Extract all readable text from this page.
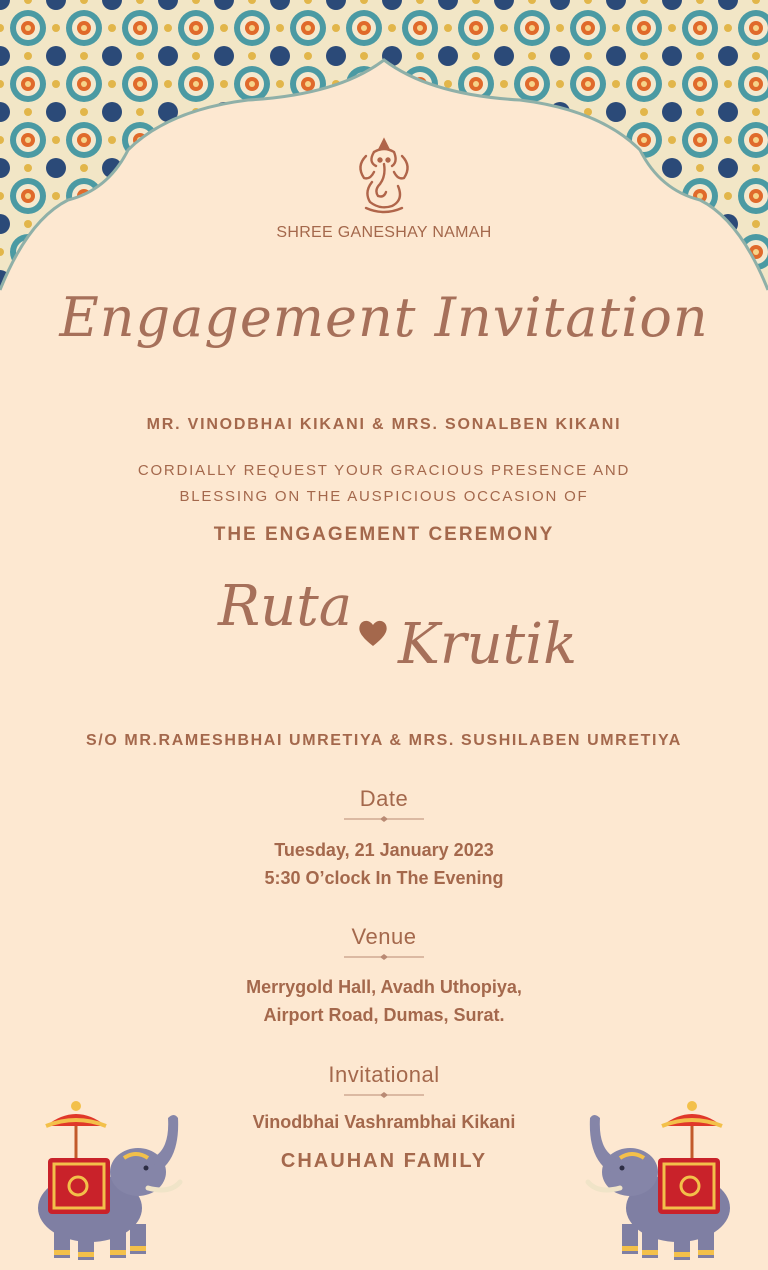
SHREE GANESHAY NAMAH
Engagement Invitation
MR. VINODBHAI KIKANI & MRS. SONALBEN KIKANI
CORDIALLY REQUEST YOUR GRACIOUS PRESENCE AND
BLESSING ON THE AUSPICIOUS OCCASION OF
THE ENGAGEMENT CEREMONY
Ruta
Krutik
S/O MR.RAMESHBHAI UMRETIYA & MRS. SUSHILABEN UMRETIYA
Date
Tuesday, 21 January 2023
5:30 O’clock In The Evening
Venue
Merrygold Hall, Avadh Uthopiya,
Airport Road, Dumas, Surat.
Invitational
Vinodbhai Vashrambhai Kikani
CHAUHAN FAMILY
